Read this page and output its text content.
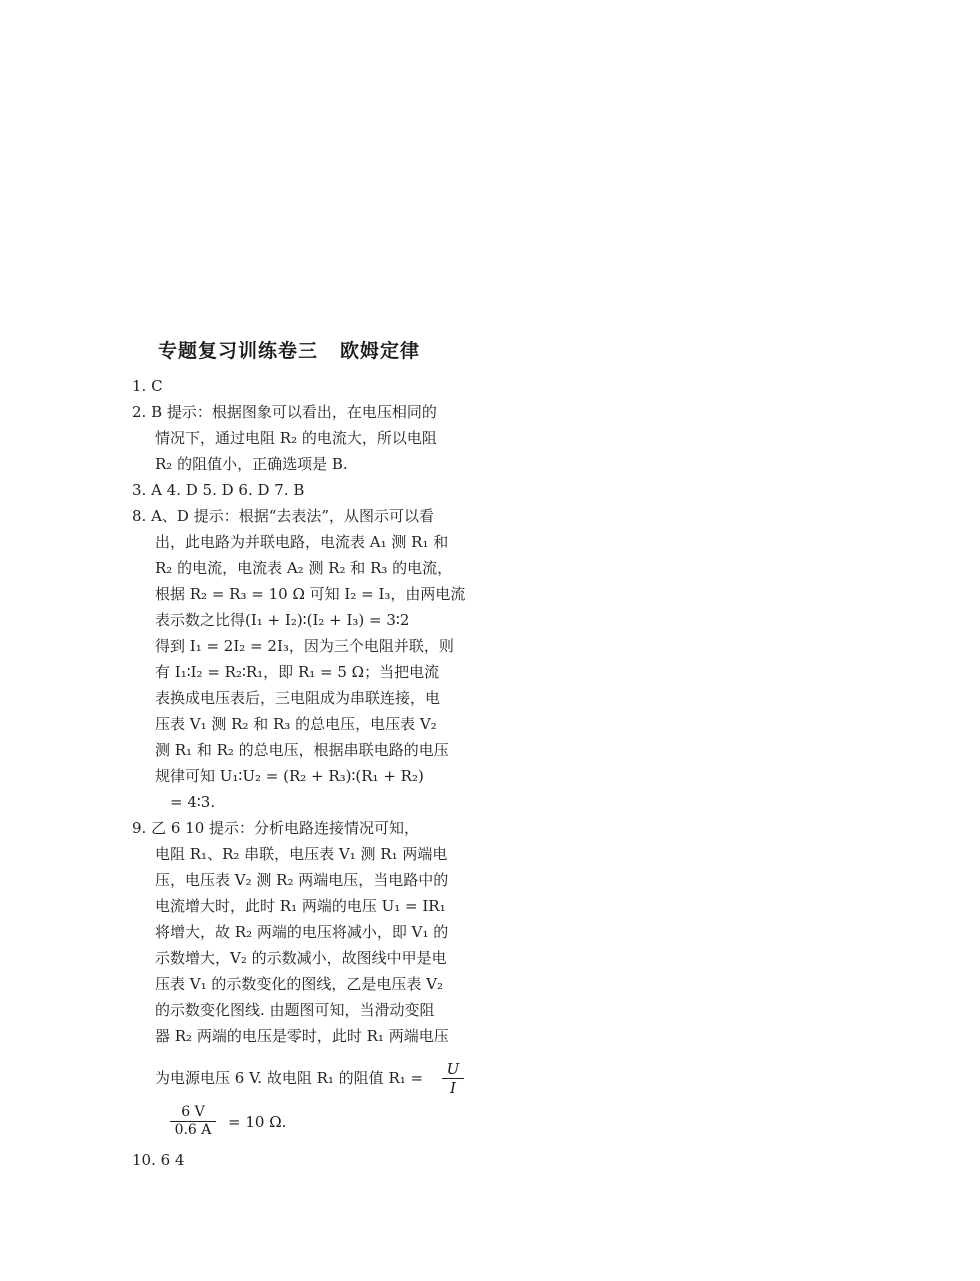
专题复习训练卷三 欧姆定律
1. C
2. B 提示：根据图象可以看出，在电压相同的
情况下，通过电阻 R₂ 的电流大，所以电阻
R₂ 的阻值小，正确选项是 B.
3. A 4. D 5. D 6. D 7. B
8. A、D 提示：根据“去表法”，从图示可以看
出，此电路为并联电路，电流表 A₁ 测 R₁ 和
R₂ 的电流，电流表 A₂ 测 R₂ 和 R₃ 的电流，
根据 R₂ = R₃ = 10 Ω 可知 I₂ = I₃，由两电流
表示数之比得(I₁ + I₂)∶(I₂ + I₃) = 3∶2
得到 I₁ = 2I₂ = 2I₃，因为三个电阻并联，则
有 I₁∶I₂ = R₂∶R₁，即 R₁ = 5 Ω；当把电流
表换成电压表后，三电阻成为串联连接，电
压表 V₁ 测 R₂ 和 R₃ 的总电压，电压表 V₂
测 R₁ 和 R₂ 的总电压，根据串联电路的电压
规律可知 U₁∶U₂ = (R₂ + R₃)∶(R₁ + R₂)
= 4∶3.
9. 乙 6 10 提示：分析电路连接情况可知，
电阻 R₁、R₂ 串联，电压表 V₁ 测 R₁ 两端电
压，电压表 V₂ 测 R₂ 两端电压，当电路中的
电流增大时，此时 R₁ 两端的电压 U₁ = IR₁
将增大，故 R₂ 两端的电压将减小，即 V₁ 的
示数增大，V₂ 的示数减小，故图线中甲是电
压表 V₁ 的示数变化的图线，乙是电压表 V₂
的示数变化图线. 由题图可知，当滑动变阻
器 R₂ 两端的电压是零时，此时 R₁ 两端电压
为电源电压 6 V. 故电阻 R₁ 的阻值 R₁ =	U
I
6 V
0.6 A	= 10 Ω.
10. 6 4
